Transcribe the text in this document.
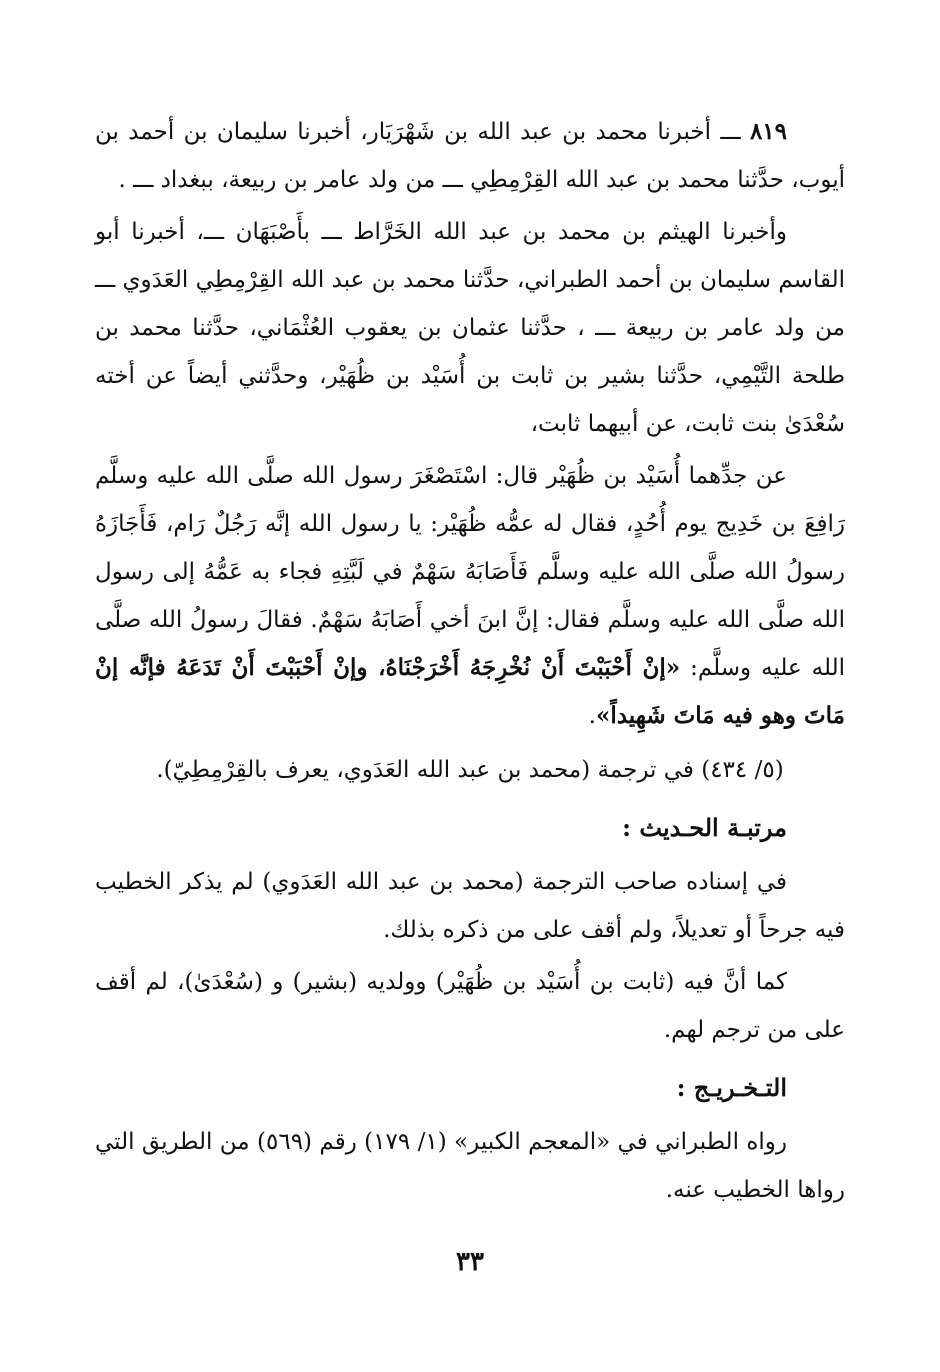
٨١٩ ـــ أخبرنا محمد بن عبد الله بن شَهْرَيَار، أخبرنا سليمان بن أحمد بن أيوب، حدَّثنا محمد بن عبد الله القِرْمِطِي ـــ من ولد عامر بن ربيعة، ببغداد ـــ .

وأخبرنا الهيثم بن محمد بن عبد الله الخَرَّاط ـــ بأَصْبَهَان ـــ، أخبرنا أبو القاسم سليمان بن أحمد الطبراني، حدَّثنا محمد بن عبد الله القِرْمِطِي العَدَوي ـــ من ولد عامر بن ربيعة ـــ ، حدَّثنا عثمان بن يعقوب العُثْمَاني، حدَّثنا محمد بن طلحة التَّيْمِي، حدَّثنا بشير بن ثابت بن أُسَيْد بن ظُهَيْر، وحدَّثني أيضاً عن أخته سُعْدَىٰ بنت ثابت، عن أبيهما ثابت،

عن جدِّهما أُسَيْد بن ظُهَيْر قال: اسْتَصْغَرَ رسول الله صلَّى الله عليه وسلَّم رَافِعَ بن خَدِيج يوم أُحُدٍ، فقال له عمُّه ظُهَيْر: يا رسول الله إنَّه رَجُلٌ رَام، فَأَجَازَهُ رسولُ الله صلَّى الله عليه وسلَّم فَأَصَابَهُ سَهْمٌ في لَبَّتِهِ فجاء به عَمُّهُ إلى رسول الله صلَّى الله عليه وسلَّم فقال: إنَّ ابنَ أخي أَصَابَهُ سَهْمٌ. فقالَ رسولُ الله صلَّى الله عليه وسلَّم: «إنْ أَحْبَبْتَ أَنْ نُخْرِجَهُ أَخْرَجْنَاهُ، وإنْ أَحْبَبْتَ أَنْ تَدَعَهُ فإنَّه إنْ مَاتَ وهو فيه مَاتَ شَهِيداً».

(٥/ ٤٣٤) في ترجمة (محمد بن عبد الله العَدَوي، يعرف بالقِرْمِطِيّ).

مرتبـة الحـديث :

في إسناده صاحب الترجمة (محمد بن عبد الله العَدَوي) لم يذكر الخطيب فيه جرحاً أو تعديلاً، ولم أقف على من ذكره بذلك.

كما أنَّ فيه (ثابت بن أُسَيْد بن ظُهَيْر) وولديه (بشير) و (سُعْدَىٰ)، لم أقف على من ترجم لهم.

التـخـريـج :

رواه الطبراني في «المعجم الكبير» (١/ ١٧٩) رقم (٥٦٩) من الطريق التي رواها الخطيب عنه.

٣٣
